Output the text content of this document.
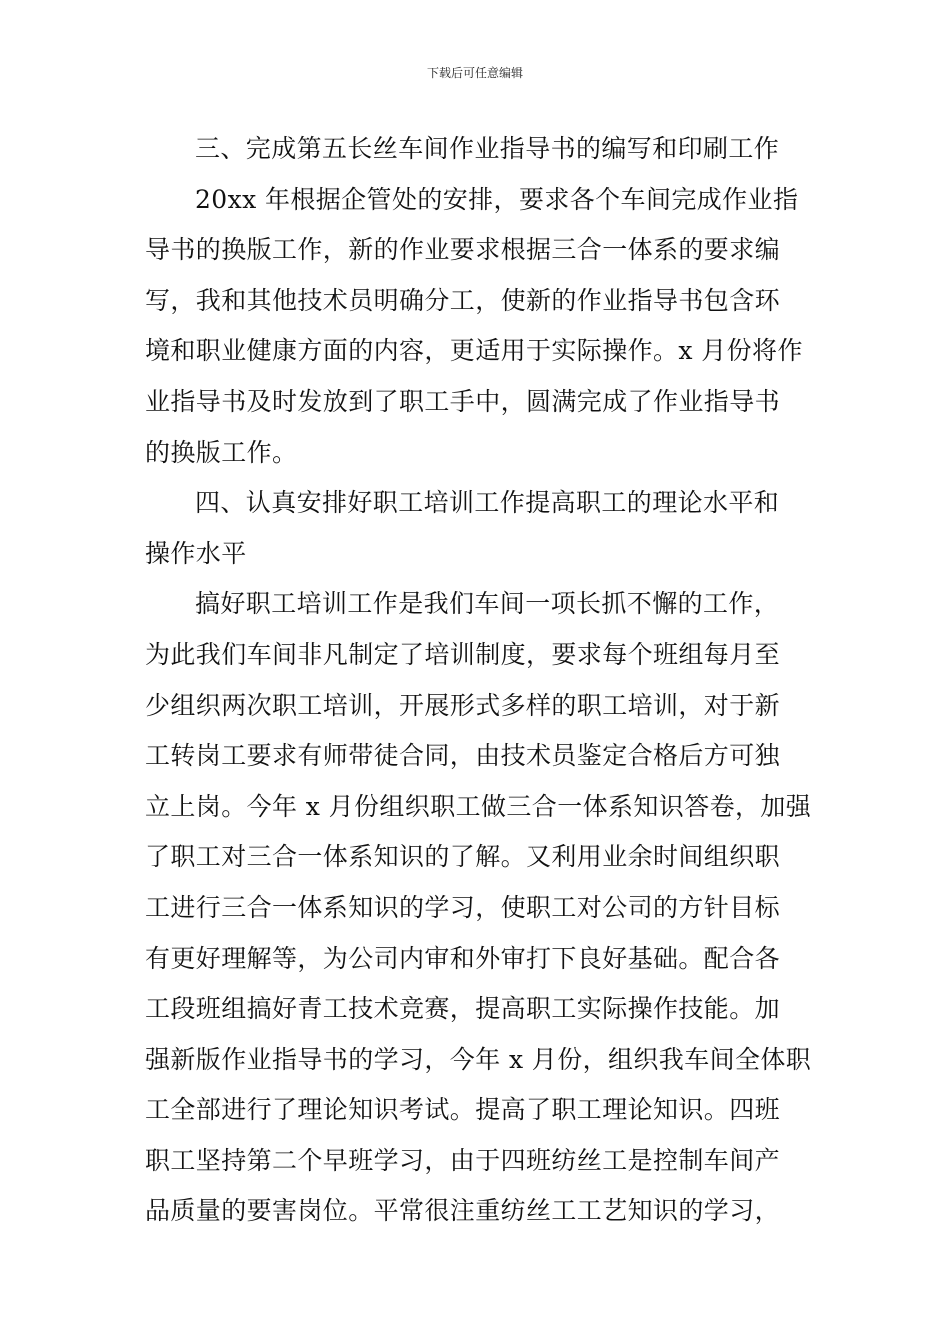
下载后可任意编辑
三、完成第五长丝车间作业指导书的编写和印刷工作
20xx 年根据企管处的安排，要求各个车间完成作业指
导书的换版工作，新的作业要求根据三合一体系的要求编
写，我和其他技术员明确分工，使新的作业指导书包含环
境和职业健康方面的内容，更适用于实际操作。x 月份将作
业指导书及时发放到了职工手中，圆满完成了作业指导书
的换版工作。
四、认真安排好职工培训工作提高职工的理论水平和
操作水平
搞好职工培训工作是我们车间一项长抓不懈的工作，
为此我们车间非凡制定了培训制度，要求每个班组每月至
少组织两次职工培训，开展形式多样的职工培训，对于新
工转岗工要求有师带徒合同，由技术员鉴定合格后方可独
立上岗。今年 x 月份组织职工做三合一体系知识答卷，加强
了职工对三合一体系知识的了解。又利用业余时间组织职
工进行三合一体系知识的学习，使职工对公司的方针目标
有更好理解等，为公司内审和外审打下良好基础。配合各
工段班组搞好青工技术竞赛，提高职工实际操作技能。加
强新版作业指导书的学习，今年 x 月份，组织我车间全体职
工全部进行了理论知识考试。提高了职工理论知识。四班
职工坚持第二个早班学习，由于四班纺丝工是控制车间产
品质量的要害岗位。平常很注重纺丝工工艺知识的学习，
